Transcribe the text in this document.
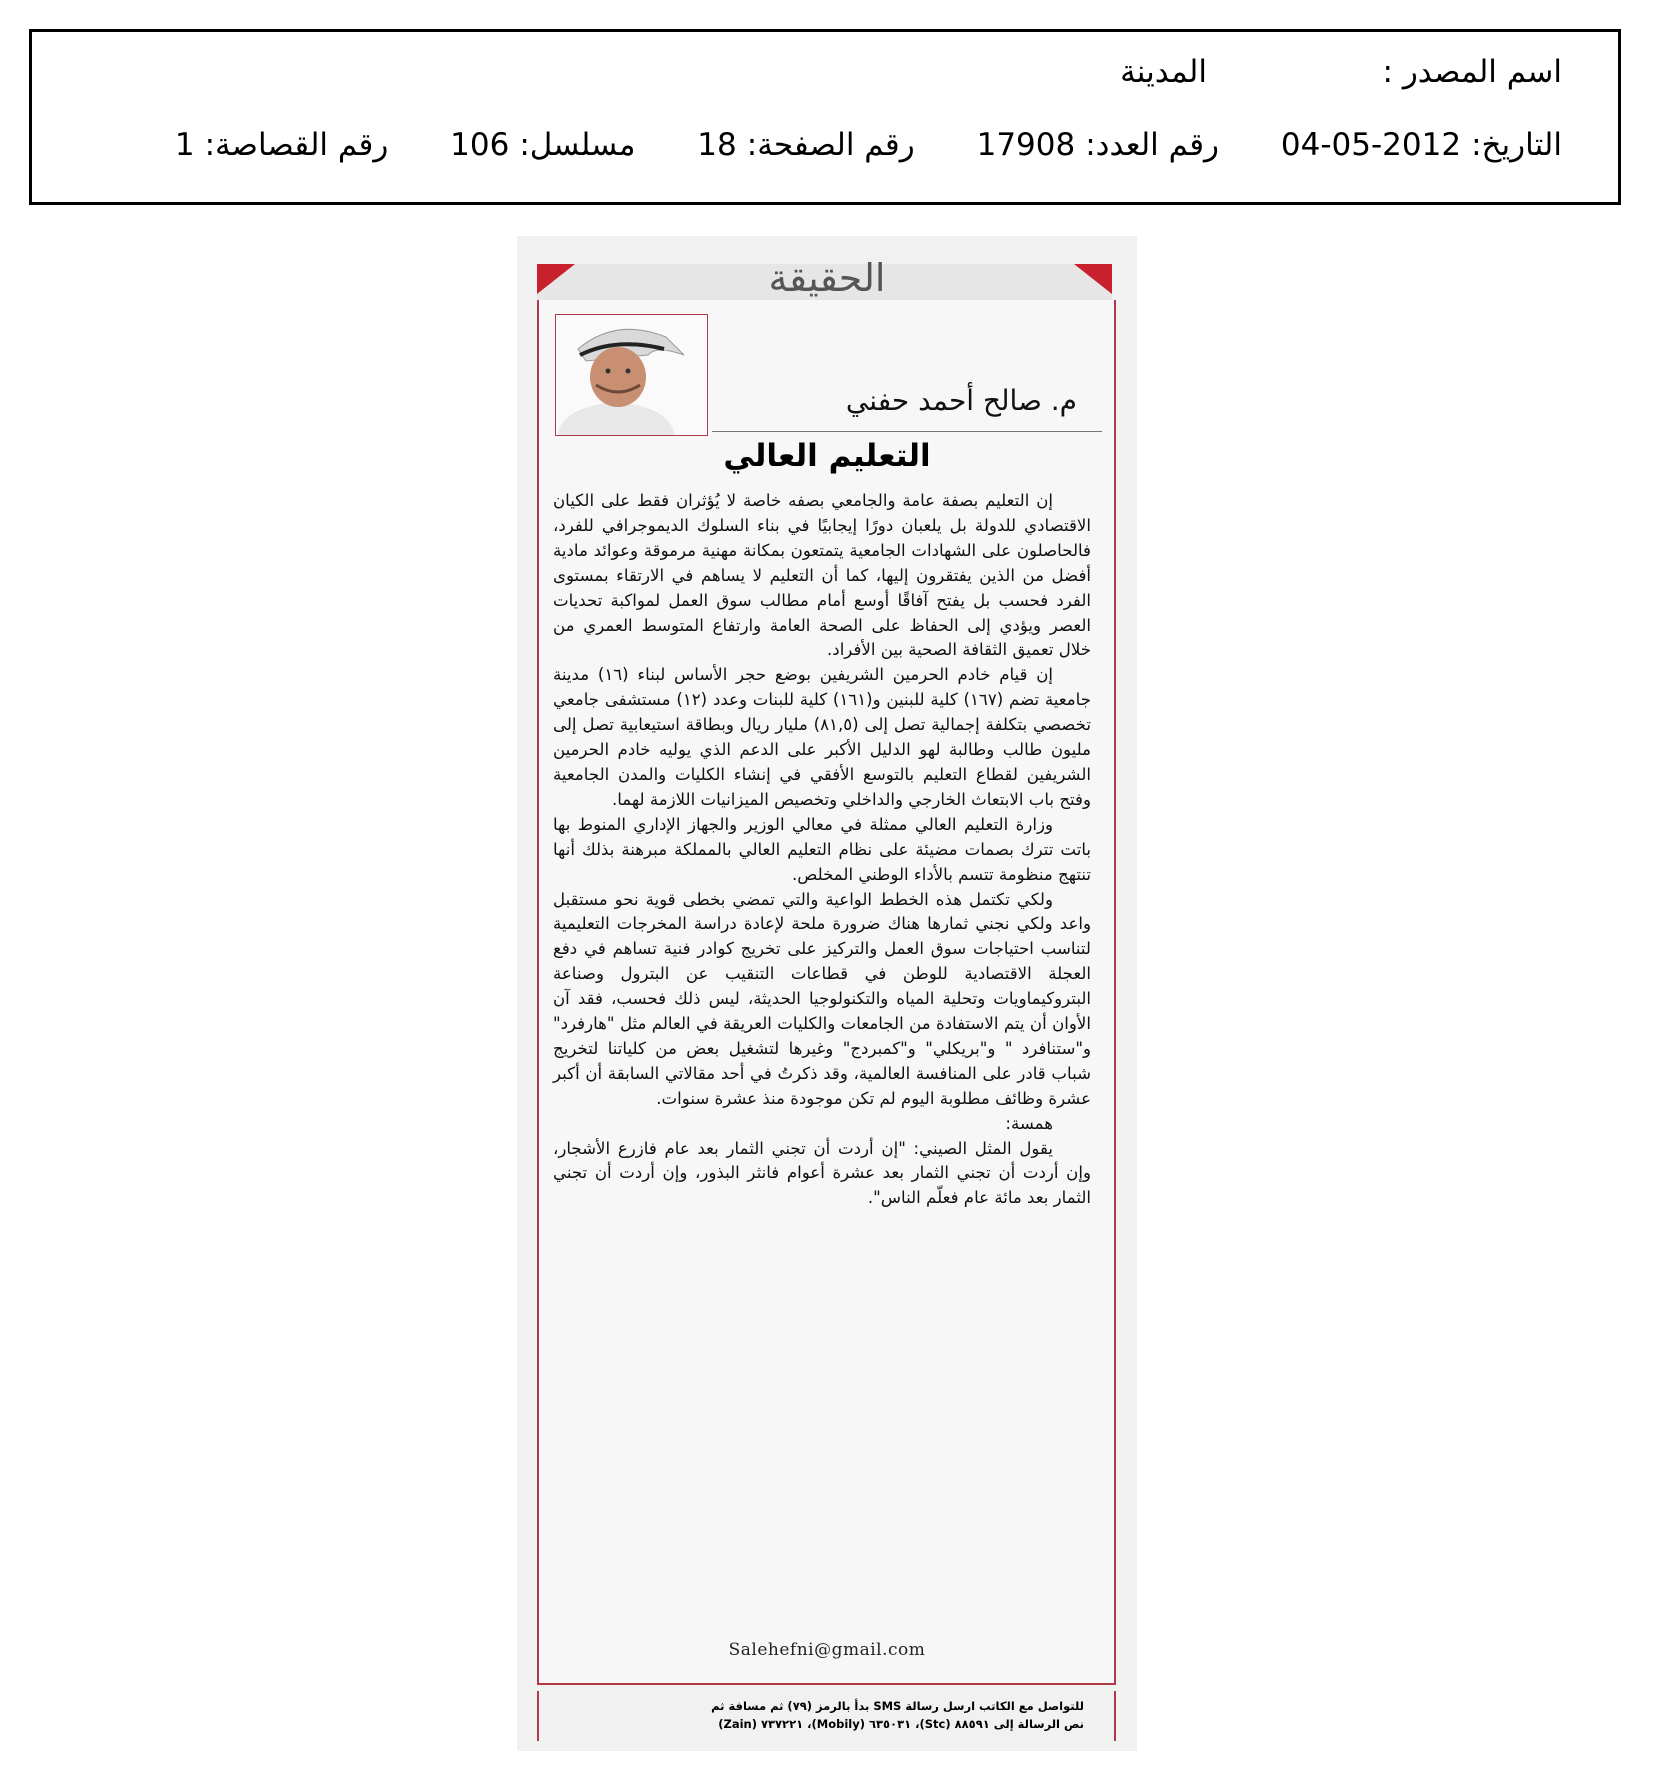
اسم المصدر :
المدينة
التاريخ:2012-05-04 رقم العدد:17908 رقم الصفحة:18 مسلسل:106 رقم القصاصة:1
الحقيقة
م. صالح أحمد حفني
التعليم العالي

إن التعليم بصفة عامة والجامعي بصفه خاصة لا يُؤثران فقط على الكيان الاقتصادي للدولة بل يلعبان دورًا إيجابيًا في بناء السلوك الديموجرافي للفرد، فالحاصلون على الشهادات الجامعية يتمتعون بمكانة مهنية مرموقة وعوائد مادية أفضل من الذين يفتقرون إليها، كما أن التعليم لا يساهم في الارتقاء بمستوى الفرد فحسب بل يفتح آفاقًا أوسع أمام مطالب سوق العمل لمواكبة تحديات العصر ويؤدي إلى الحفاظ على الصحة العامة وارتفاع المتوسط العمري من خلال تعميق الثقافة الصحية بين الأفراد.

إن قيام خادم الحرمين الشريفين بوضع حجر الأساس لبناء (١٦) مدينة جامعية تضم (١٦٧) كلية للبنين و(١٦١) كلية للبنات وعدد (١٢) مستشفى جامعي تخصصي بتكلفة إجمالية تصل إلى (٨١,٥) مليار ريال وبطاقة استيعابية تصل إلى مليون طالب وطالبة لهو الدليل الأكبر على الدعم الذي يوليه خادم الحرمين الشريفين لقطاع التعليم بالتوسع الأفقي في إنشاء الكليات والمدن الجامعية وفتح باب الابتعاث الخارجي والداخلي وتخصيص الميزانيات اللازمة لهما.

وزارة التعليم العالي ممثلة في معالي الوزير والجهاز الإداري المنوط بها باتت تترك بصمات مضيئة على نظام التعليم العالي بالمملكة مبرهنة بذلك أنها تنتهج منظومة تتسم بالأداء الوطني المخلص.

ولكي تكتمل هذه الخطط الواعية والتي تمضي بخطى قوية نحو مستقبل واعد ولكي نجني ثمارها هناك ضرورة ملحة لإعادة دراسة المخرجات التعليمية لتناسب احتياجات سوق العمل والتركيز على تخريج كوادر فنية تساهم في دفع العجلة الاقتصادية للوطن في قطاعات التنقيب عن البترول وصناعة البتروكيماويات وتحلية المياه والتكنولوجيا الحديثة، ليس ذلك فحسب، فقد آن الأوان أن يتم الاستفادة من الجامعات والكليات العريقة في العالم مثل "هارفرد" و"ستنافرد " و"بريكلي" و"كمبردج" وغيرها لتشغيل بعض من كلياتنا لتخريج شباب قادر على المنافسة العالمية، وقد ذكرتُ في أحد مقالاتي السابقة أن أكبر عشرة وظائف مطلوبة اليوم لم تكن موجودة منذ عشرة سنوات.

همسة:

يقول المثل الصيني: "إن أردت أن تجني الثمار بعد عام فازرع الأشجار، وإن أردت أن تجني الثمار بعد عشرة أعوام فانثر البذور، وإن أردت أن تجني الثمار بعد مائة عام فعلّم الناس".

Salehefni@gmail.com
للتواصل مع الكاتب ارسل رسالة SMS بدأ بالرمز (٧٩) ثم مسافة ثم
نص الرسالة إلى ٨٨٥٩١ (Stc)، ٦٣٥٠٣١ (Mobily)، ٧٣٧٢٢١ (Zain)
